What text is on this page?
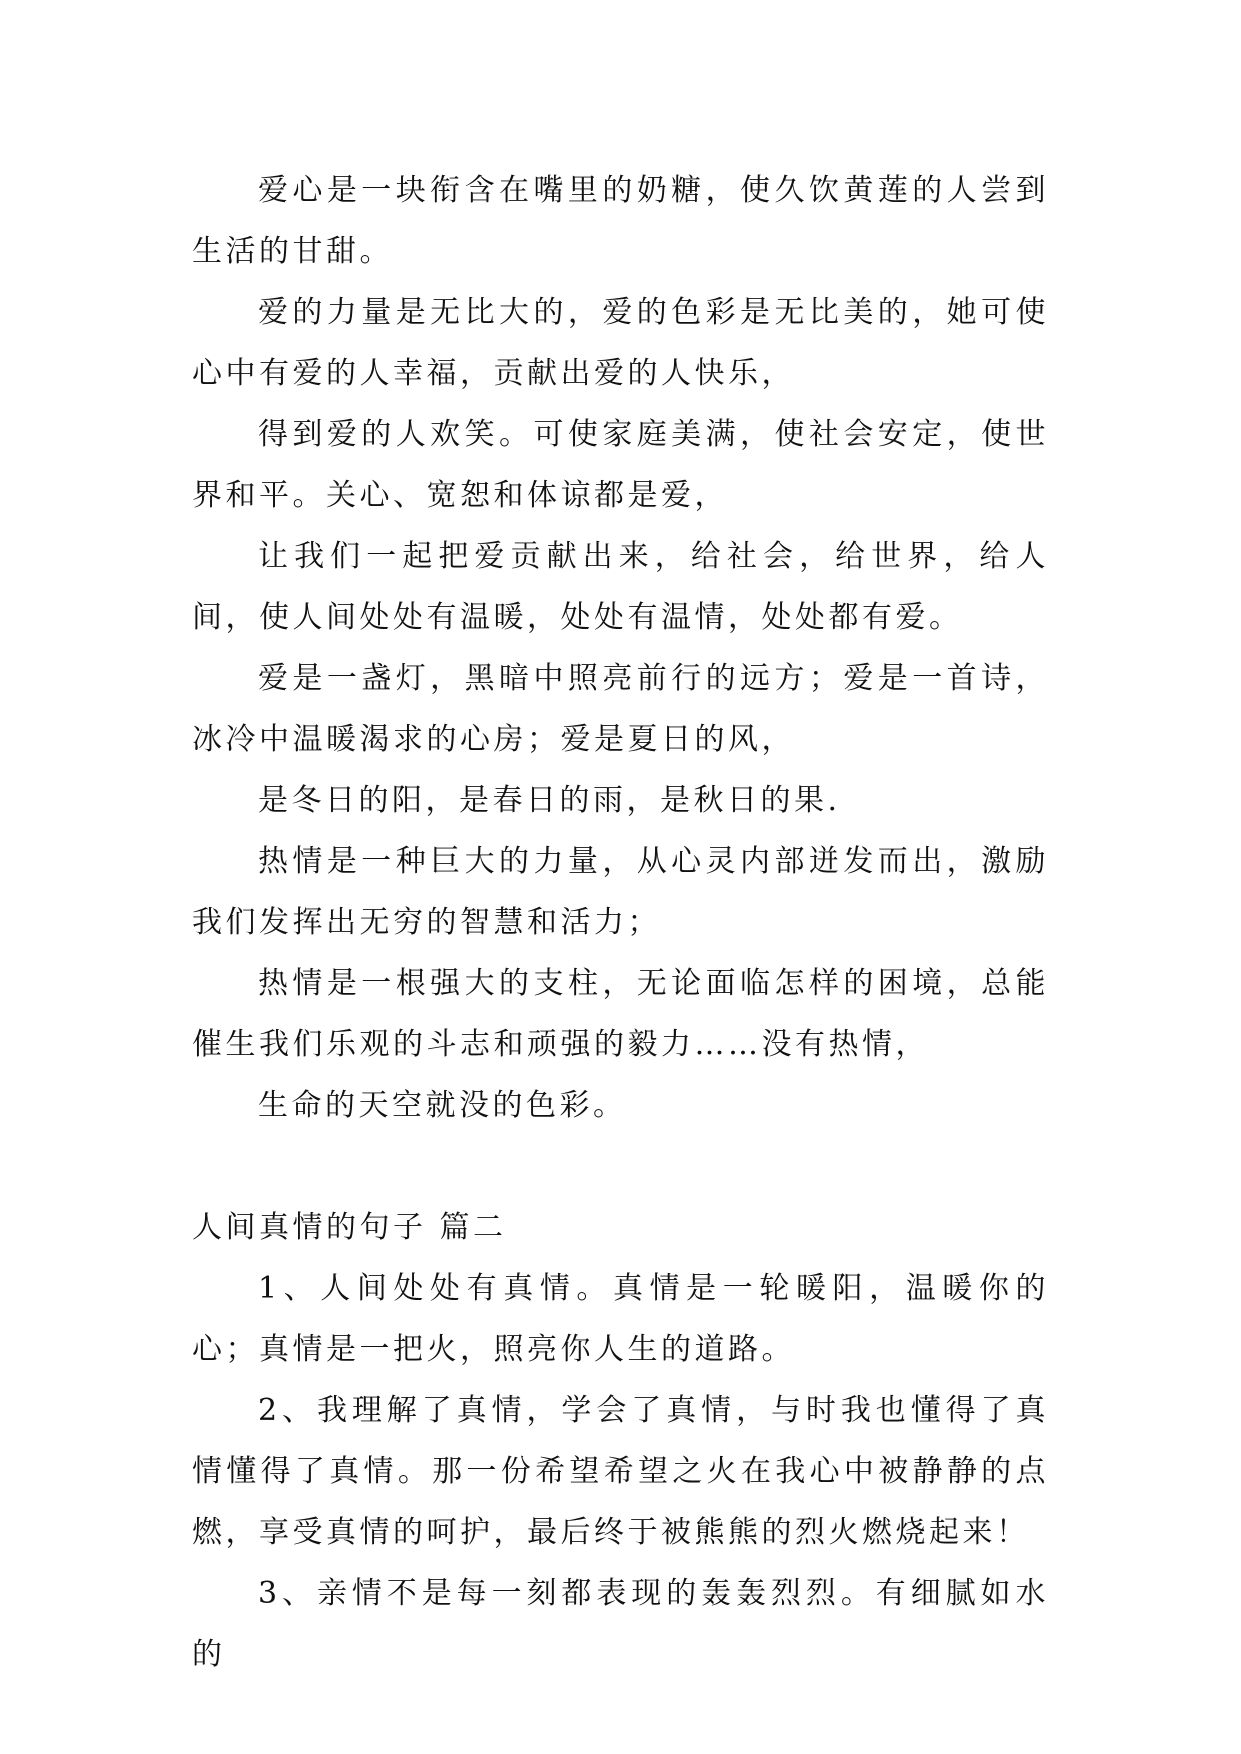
爱心是一块衔含在嘴里的奶糖，使久饮黄莲的人尝到生活的甘甜。

爱的力量是无比大的，爱的色彩是无比美的，她可使心中有爱的人幸福，贡献出爱的人快乐，

得到爱的人欢笑。可使家庭美满，使社会安定，使世界和平。关心、宽恕和体谅都是爱，

让我们一起把爱贡献出来，给社会，给世界，给人间，使人间处处有温暖，处处有温情，处处都有爱。

爱是一盏灯，黑暗中照亮前行的远方；爱是一首诗，冰冷中温暖渴求的心房；爱是夏日的风，

是冬日的阳，是春日的雨，是秋日的果.

热情是一种巨大的力量，从心灵内部迸发而出，激励我们发挥出无穷的智慧和活力；

热情是一根强大的支柱，无论面临怎样的困境，总能催生我们乐观的斗志和顽强的毅力……没有热情，

生命的天空就没的色彩。

人间真情的句子 篇二

1、人间处处有真情。真情是一轮暖阳，温暖你的心；真情是一把火，照亮你人生的道路。

2、我理解了真情，学会了真情，与时我也懂得了真情懂得了真情。那一份希望希望之火在我心中被静静的点燃，享受真情的呵护，最后终于被熊熊的烈火燃烧起来！

3、亲情不是每一刻都表现的轰轰烈烈。有细腻如水的
